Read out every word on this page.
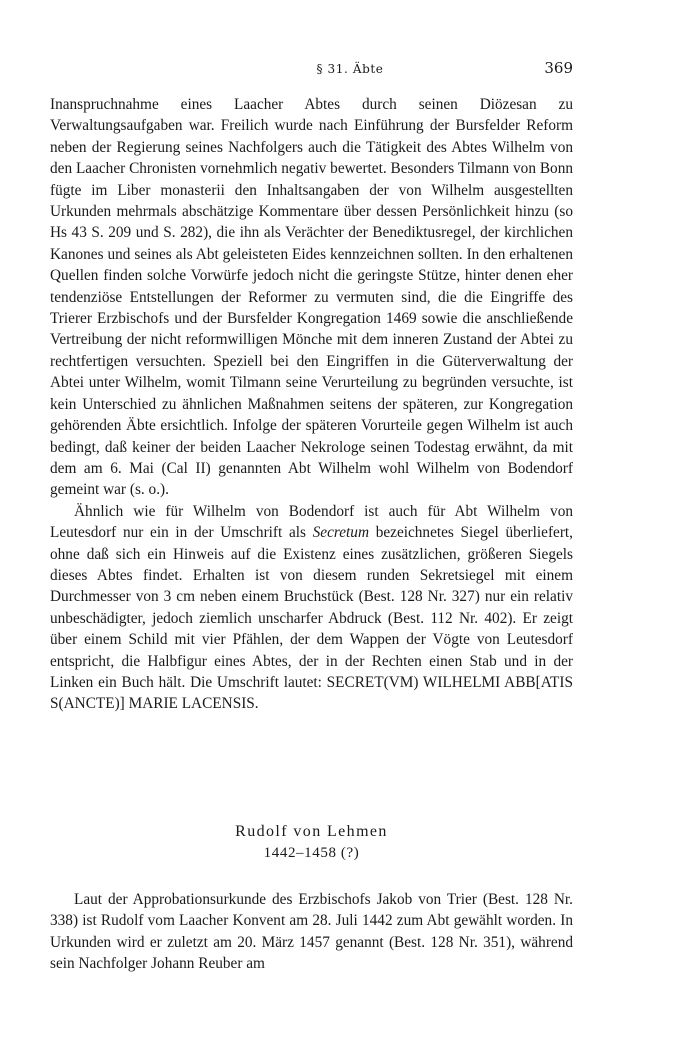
§ 31. Äbte	369

Inanspruchnahme eines Laacher Abtes durch seinen Diözesan zu Verwaltungsaufgaben war. Freilich wurde nach Einführung der Bursfelder Reform neben der Regierung seines Nachfolgers auch die Tätigkeit des Abtes Wilhelm von den Laacher Chronisten vornehmlich negativ bewertet. Besonders Tilmann von Bonn fügte im Liber monasterii den Inhaltsangaben der von Wilhelm ausgestellten Urkunden mehrmals abschätzige Kommentare über dessen Persönlichkeit hinzu (so Hs 43 S. 209 und S. 282), die ihn als Verächter der Benediktusregel, der kirchlichen Kanones und seines als Abt geleisteten Eides kennzeichnen sollten. In den erhaltenen Quellen finden solche Vorwürfe jedoch nicht die geringste Stütze, hinter denen eher tendenziöse Entstellungen der Reformer zu vermuten sind, die die Eingriffe des Trierer Erzbischofs und der Bursfelder Kongregation 1469 sowie die anschließende Vertreibung der nicht reformwilligen Mönche mit dem inneren Zustand der Abtei zu rechtfertigen versuchten. Speziell bei den Eingriffen in die Güterverwaltung der Abtei unter Wilhelm, womit Tilmann seine Verurteilung zu begründen versuchte, ist kein Unterschied zu ähnlichen Maßnahmen seitens der späteren, zur Kongregation gehörenden Äbte ersichtlich. Infolge der späteren Vorurteile gegen Wilhelm ist auch bedingt, daß keiner der beiden Laacher Nekrologe seinen Todestag erwähnt, da mit dem am 6. Mai (Cal II) genannten Abt Wilhelm wohl Wilhelm von Bodendorf gemeint war (s. o.).

Ähnlich wie für Wilhelm von Bodendorf ist auch für Abt Wilhelm von Leutesdorf nur ein in der Umschrift als Secretum bezeichnetes Siegel überliefert, ohne daß sich ein Hinweis auf die Existenz eines zusätzlichen, größeren Siegels dieses Abtes findet. Erhalten ist von diesem runden Sekretsiegel mit einem Durchmesser von 3 cm neben einem Bruchstück (Best. 128 Nr. 327) nur ein relativ unbeschädigter, jedoch ziemlich unscharfer Abdruck (Best. 112 Nr. 402). Er zeigt über einem Schild mit vier Pfählen, der dem Wappen der Vögte von Leutesdorf entspricht, die Halbfigur eines Abtes, der in der Rechten einen Stab und in der Linken ein Buch hält. Die Umschrift lautet: SECRET(VM) WILHELMI ABB[ATIS S(ANCTE)] MARIE LACENSIS.

Rudolf von Lehmen
1442–1458 (?)

Laut der Approbationsurkunde des Erzbischofs Jakob von Trier (Best. 128 Nr. 338) ist Rudolf vom Laacher Konvent am 28. Juli 1442 zum Abt gewählt worden. In Urkunden wird er zuletzt am 20. März 1457 genannt (Best. 128 Nr. 351), während sein Nachfolger Johann Reuber am
